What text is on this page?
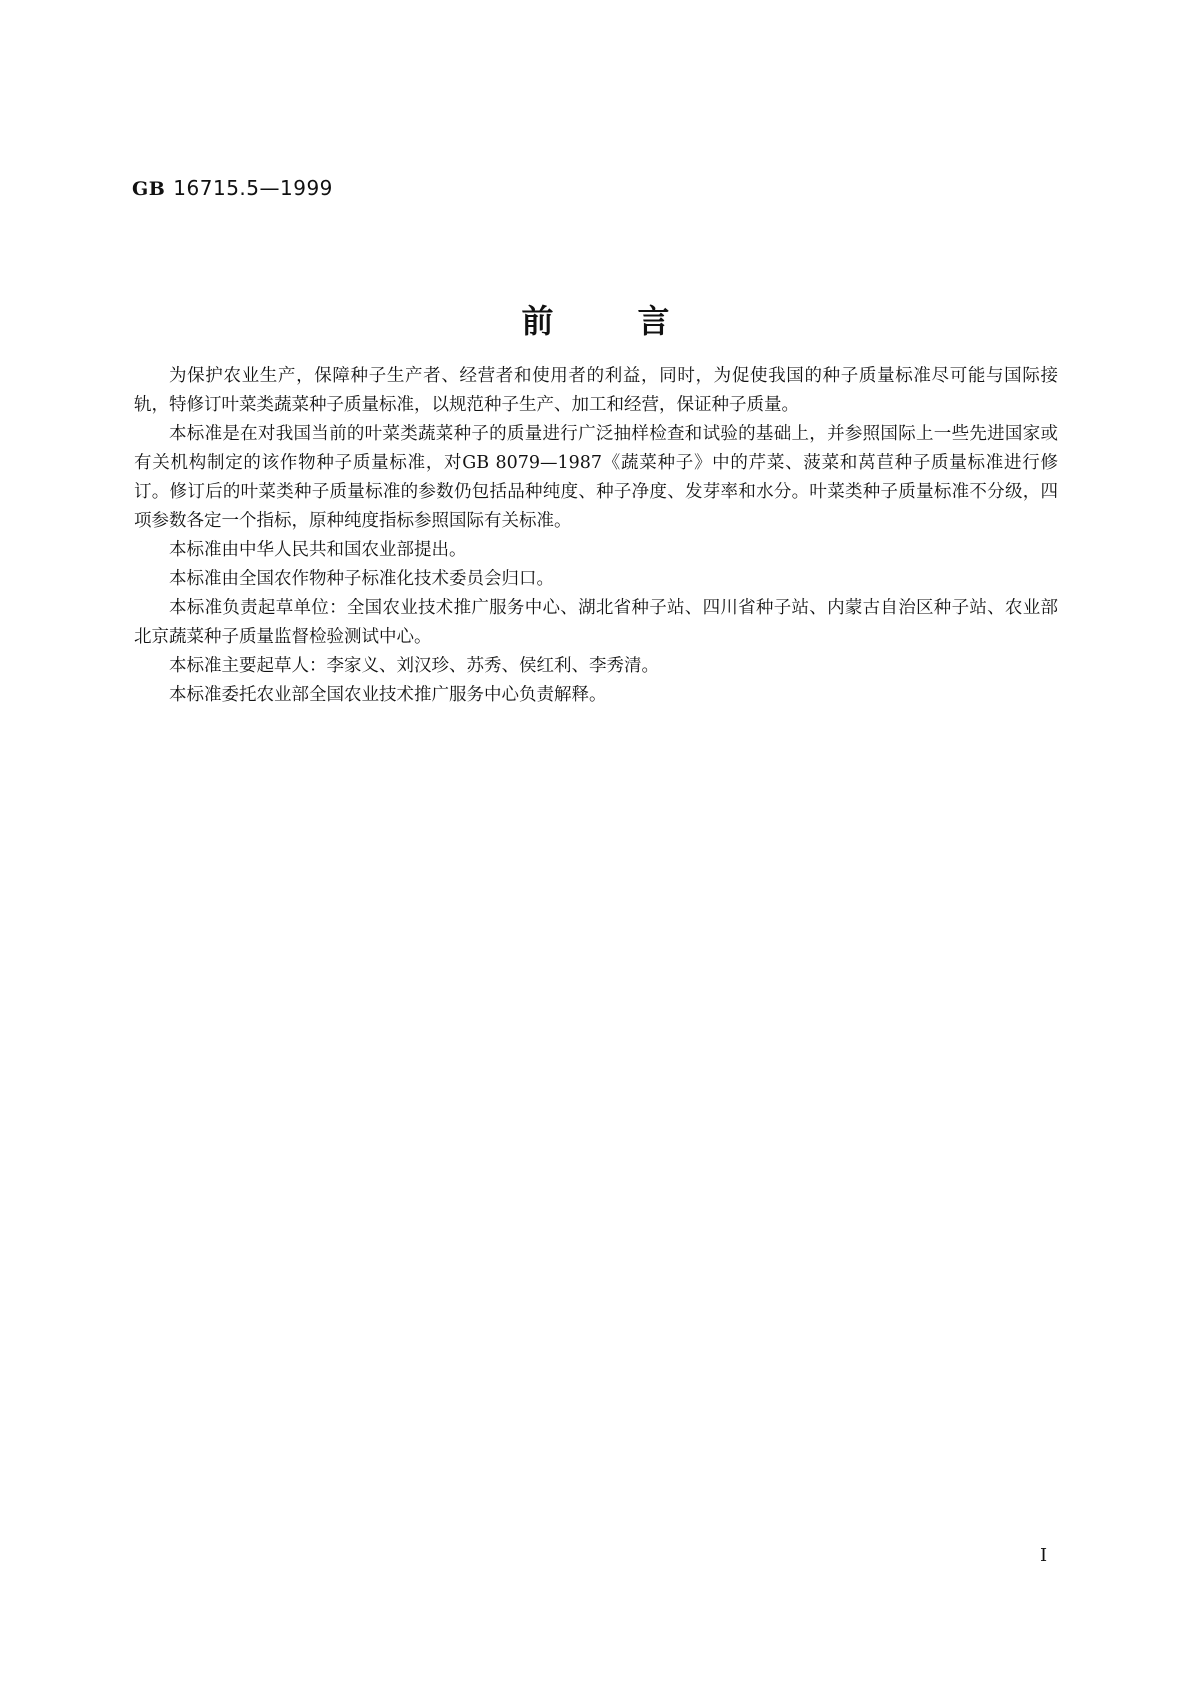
GB 16715.5—1999
前言

为保护农业生产，保障种子生产者、经营者和使用者的利益，同时，为促使我国的种子质量标准尽可能与国际接轨，特修订叶菜类蔬菜种子质量标准，以规范种子生产、加工和经营，保证种子质量。

本标准是在对我国当前的叶菜类蔬菜种子的质量进行广泛抽样检查和试验的基础上，并参照国际上一些先进国家或有关机构制定的该作物种子质量标准，对GB 8079—1987《蔬菜种子》中的芹菜、菠菜和莴苣种子质量标准进行修订。修订后的叶菜类种子质量标准的参数仍包括品种纯度、种子净度、发芽率和水分。叶菜类种子质量标准不分级，四项参数各定一个指标，原种纯度指标参照国际有关标准。

本标准由中华人民共和国农业部提出。

本标准由全国农作物种子标准化技术委员会归口。

本标准负责起草单位：全国农业技术推广服务中心、湖北省种子站、四川省种子站、内蒙古自治区种子站、农业部北京蔬菜种子质量监督检验测试中心。

本标准主要起草人：李家义、刘汉珍、苏秀、侯红利、李秀清。

本标准委托农业部全国农业技术推广服务中心负责解释。

I
